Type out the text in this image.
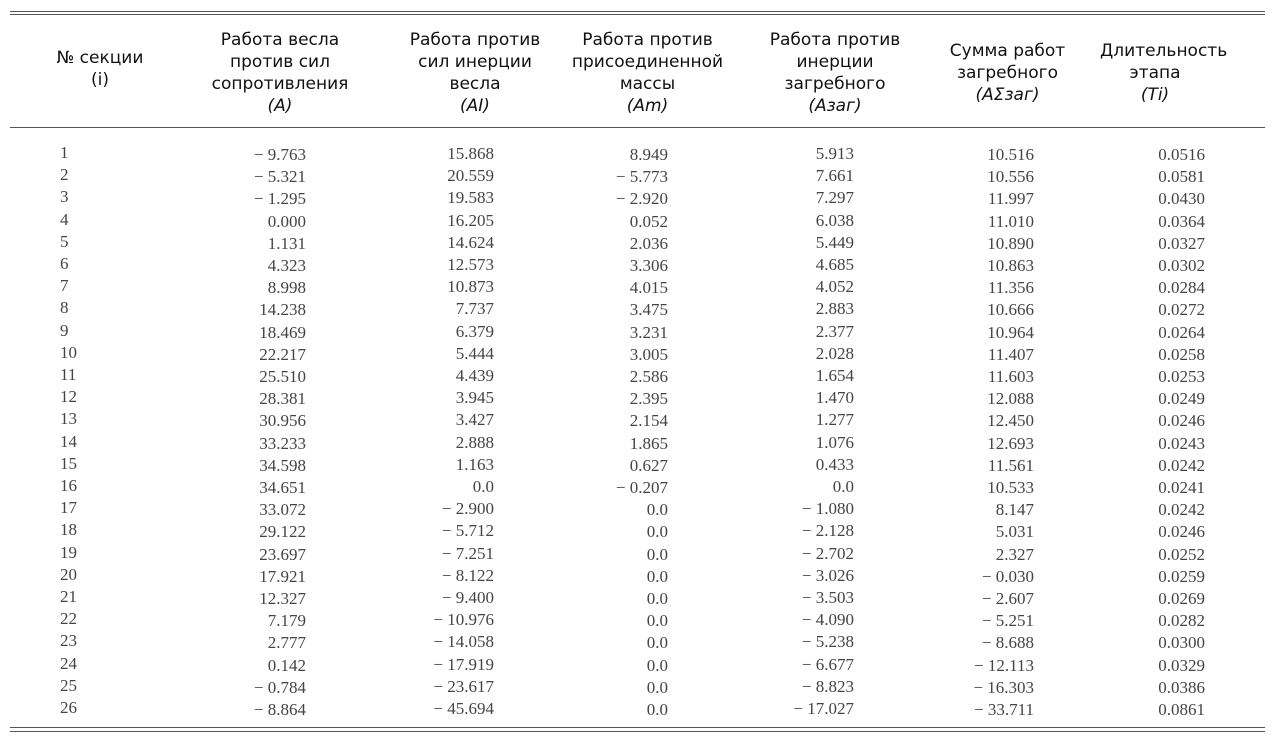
№ секции
(i)
Работа весла
против сил
сопротивления
(A)
Работа против
сил инерции
весла
(AI)
Работа против
присоединенной
массы
(Am)
Работа против
инерции
загребного
(Aзаг)
Сумма работ
загребного
(AΣзаг)
Длительность
этапа
(Ti)
1	− 9.763	15.868	8.949	5.913	10.516	0.0516
2	− 5.321	20.559	− 5.773	7.661	10.556	0.0581
3	− 1.295	19.583	− 2.920	7.297	11.997	0.0430
4	0.000	16.205	0.052	6.038	11.010	0.0364
5	1.131	14.624	2.036	5.449	10.890	0.0327
6	4.323	12.573	3.306	4.685	10.863	0.0302
7	8.998	10.873	4.015	4.052	11.356	0.0284
8	14.238	7.737	3.475	2.883	10.666	0.0272
9	18.469	6.379	3.231	2.377	10.964	0.0264
10	22.217	5.444	3.005	2.028	11.407	0.0258
11	25.510	4.439	2.586	1.654	11.603	0.0253
12	28.381	3.945	2.395	1.470	12.088	0.0249
13	30.956	3.427	2.154	1.277	12.450	0.0246
14	33.233	2.888	1.865	1.076	12.693	0.0243
15	34.598	1.163	0.627	0.433	11.561	0.0242
16	34.651	0.0	− 0.207	0.0	10.533	0.0241
17	33.072	− 2.900	0.0	− 1.080	8.147	0.0242
18	29.122	− 5.712	0.0	− 2.128	5.031	0.0246
19	23.697	− 7.251	0.0	− 2.702	2.327	0.0252
20	17.921	− 8.122	0.0	− 3.026	− 0.030	0.0259
21	12.327	− 9.400	0.0	− 3.503	− 2.607	0.0269
22	7.179	− 10.976	0.0	− 4.090	− 5.251	0.0282
23	2.777	− 14.058	0.0	− 5.238	− 8.688	0.0300
24	0.142	− 17.919	0.0	− 6.677	− 12.113	0.0329
25	− 0.784	− 23.617	0.0	− 8.823	− 16.303	0.0386
26	− 8.864	− 45.694	0.0	− 17.027	− 33.711	0.0861
